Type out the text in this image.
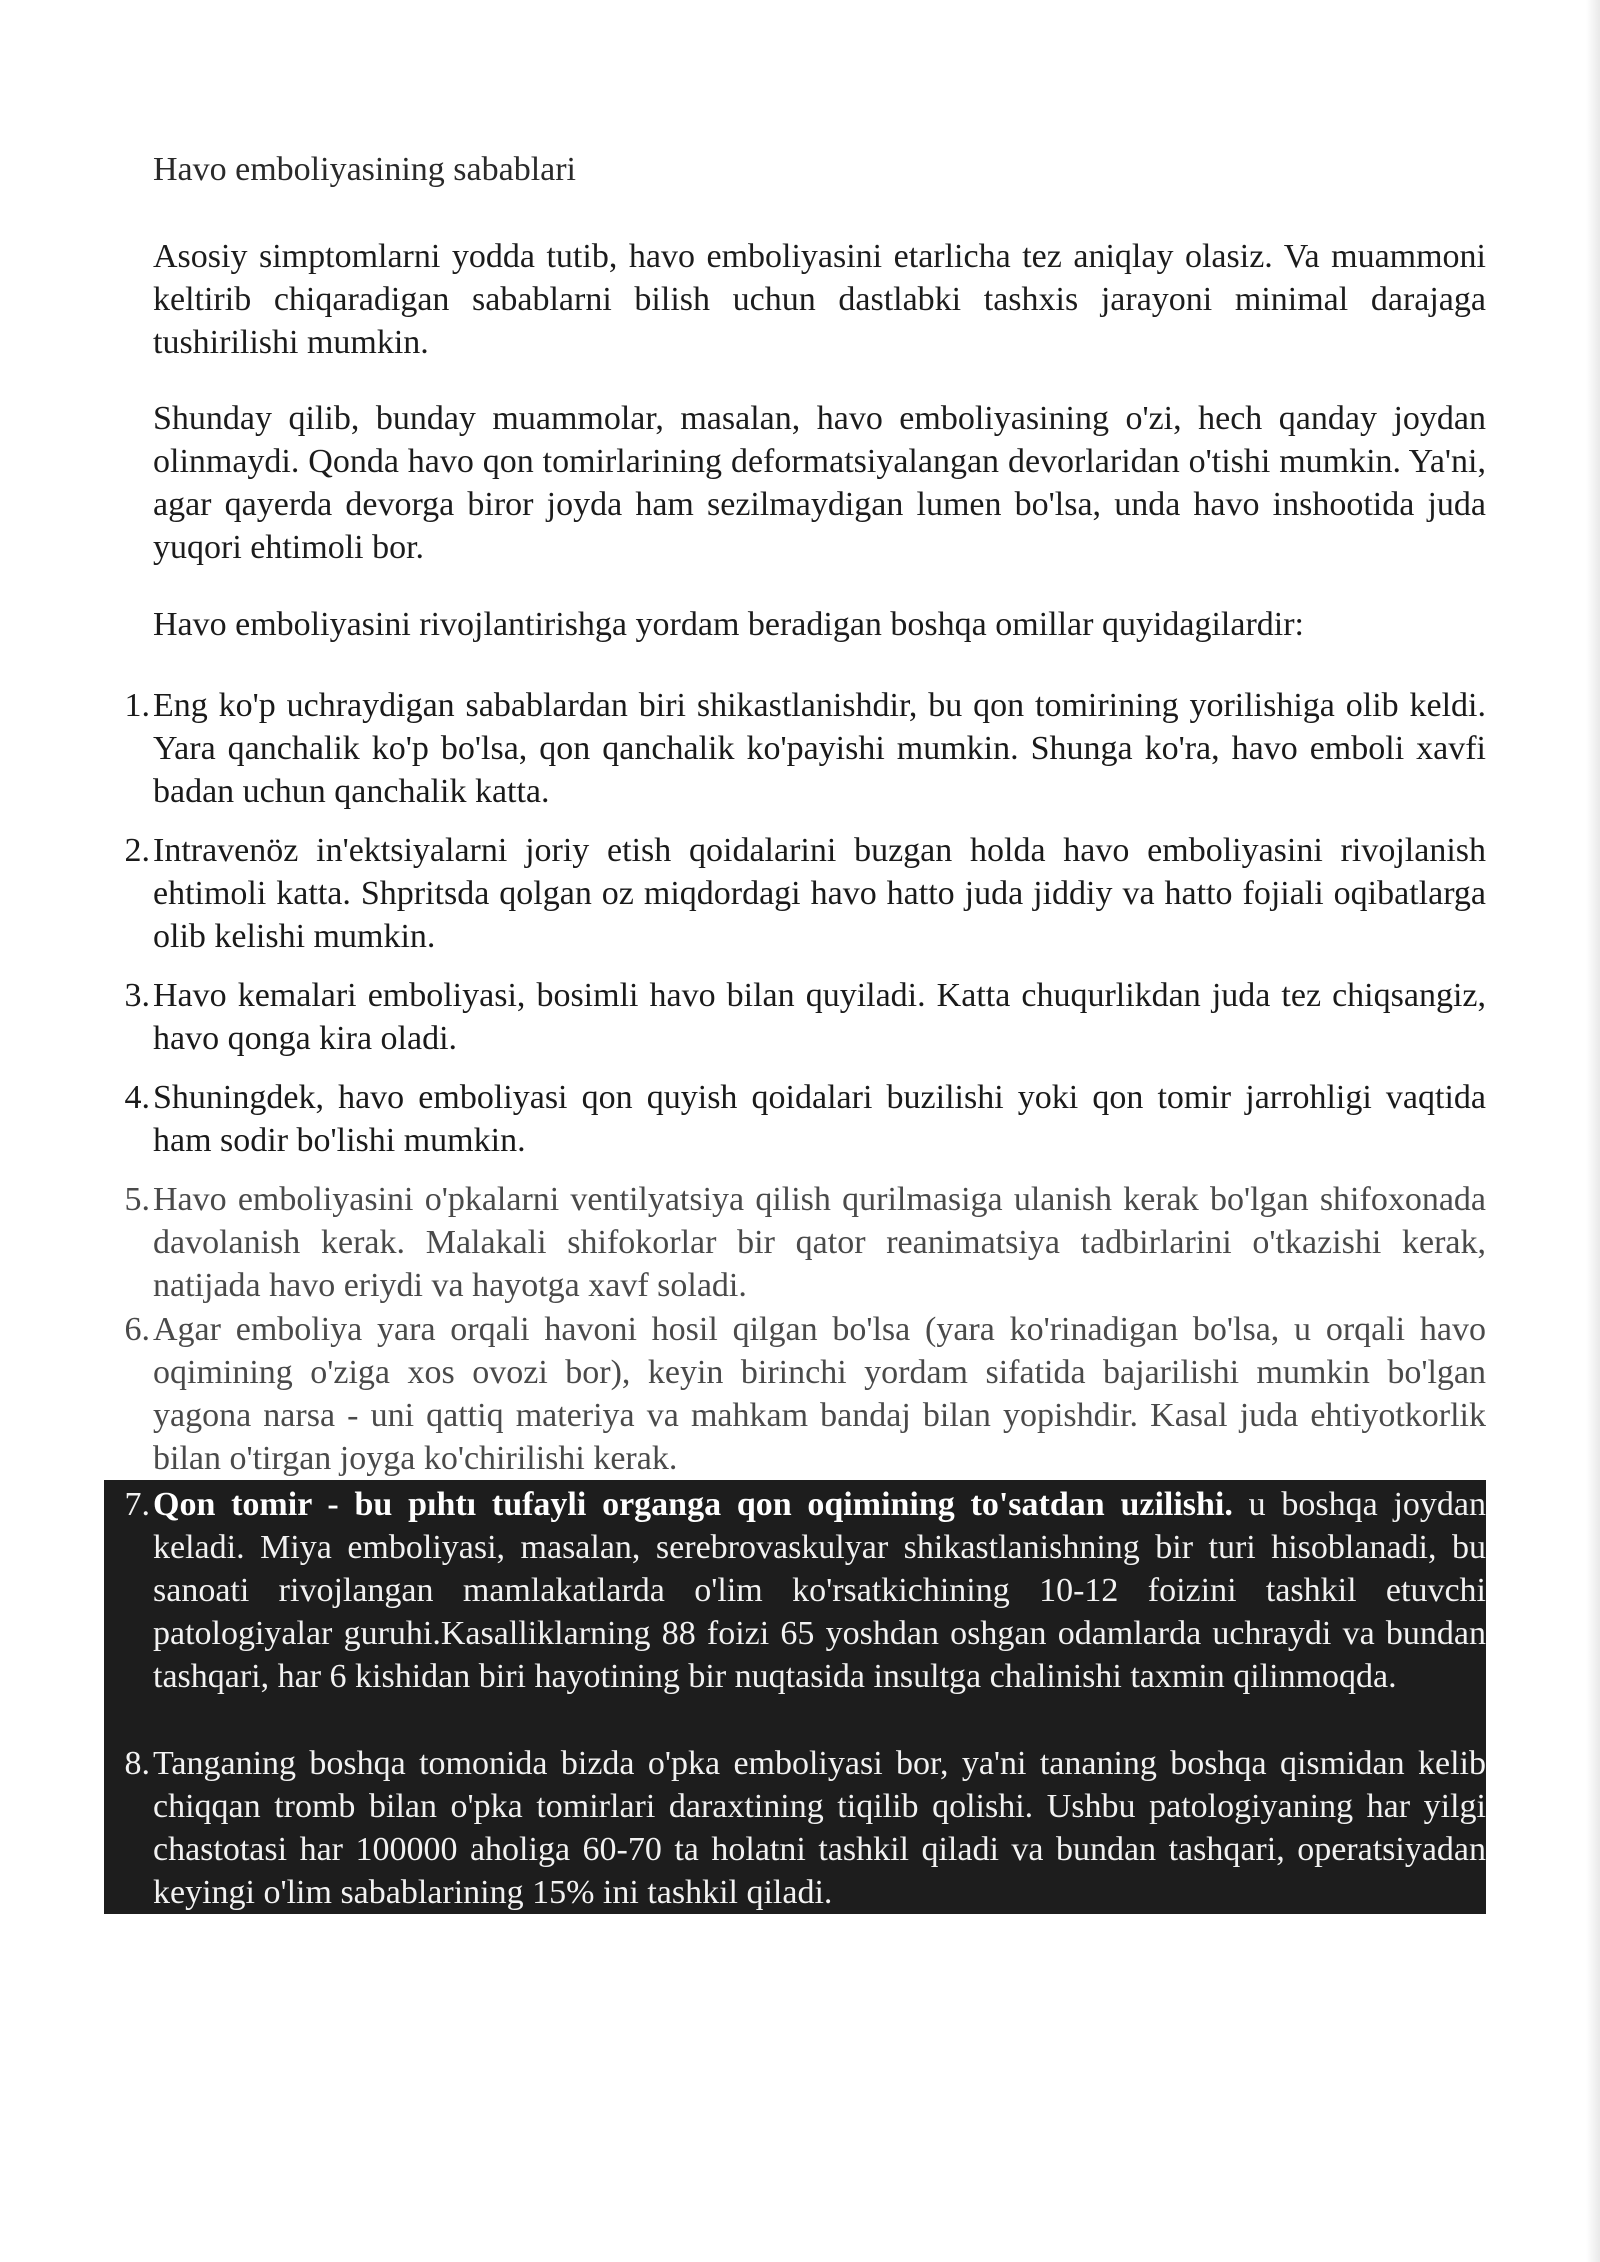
Havo emboliyasining sabablari
Asosiy simptomlarni yodda tutib, havo emboliyasini etarlicha tez aniqlay olasiz. Va muammoni keltirib chiqaradigan sabablarni bilish uchun dastlabki tashxis jarayoni minimal darajaga tushirilishi mumkin.
Shunday qilib, bunday muammolar, masalan, havo emboliyasining o'zi, hech qanday joydan olinmaydi. Qonda havo qon tomirlarining deformatsiyalangan devorlaridan o'tishi mumkin. Ya'ni, agar qayerda devorga biror joyda ham sezilmaydigan lumen bo'lsa, unda havo inshootida juda yuqori ehtimoli bor.
Havo emboliyasini rivojlantirishga yordam beradigan boshqa omillar quyidagilardir:
1. Eng ko'p uchraydigan sabablardan biri shikastlanishdir, bu qon tomirining yorilishiga olib keldi. Yara qanchalik ko'p bo'lsa, qon qanchalik ko'payishi mumkin. Shunga ko'ra, havo emboli xavfi badan uchun qanchalik katta.
2. Intravenöz in'ektsiyalarni joriy etish qoidalarini buzgan holda havo emboliyasini rivojlanish ehtimoli katta. Shpritsda qolgan oz miqdordagi havo hatto juda jiddiy va hatto fojiali oqibatlarga olib kelishi mumkin.
3. Havo kemalari emboliyasi, bosimli havo bilan quyiladi. Katta chuqurlikdan juda tez chiqsangiz, havo qonga kira oladi.
4. Shuningdek, havo emboliyasi qon quyish qoidalari buzilishi yoki qon tomir jarrohligi vaqtida ham sodir bo'lishi mumkin.
5. Havo emboliyasini o'pkalarni ventilyatsiya qilish qurilmasiga ulanish kerak bo'lgan shifoxonada davolanish kerak. Malakali shifokorlar bir qator reanimatsiya tadbirlarini o'tkazishi kerak, natijada havo eriydi va hayotga xavf soladi.
6. Agar emboliya yara orqali havoni hosil qilgan bo'lsa (yara ko'rinadigan bo'lsa, u orqali havo oqimining o'ziga xos ovozi bor), keyin birinchi yordam sifatida bajarilishi mumkin bo'lgan yagona narsa - uni qattiq materiya va mahkam bandaj bilan yopishdir. Kasal juda ehtiyotkorlik bilan o'tirgan joyga ko'chirilishi kerak.
7. Qon tomir - bu pıhtı tufayli organga qon oqimining to'satdan uzilishi. u boshqa joydan keladi. Miya emboliyasi, masalan, serebrovaskulyar shikastlanishning bir turi hisoblanadi, bu sanoati rivojlangan mamlakatlarda o'lim ko'rsatkichining 10-12 foizini tashkil etuvchi patologiyalar guruhi.Kasalliklarning 88 foizi 65 yoshdan oshgan odamlarda uchraydi va bundan tashqari, har 6 kishidan biri hayotining bir nuqtasida insultga chalinishi taxmin qilinmoqda.
8. Tanganing boshqa tomonida bizda o'pka emboliyasi bor, ya'ni tananing boshqa qismidan kelib chiqqan tromb bilan o'pka tomirlari daraxtining tiqilib qolishi. Ushbu patologiyaning har yilgi chastotasi har 100000 aholiga 60-70 ta holatni tashkil qiladi va bundan tashqari, operatsiyadan keyingi o'lim sabablarining 15% ini tashkil qiladi.
